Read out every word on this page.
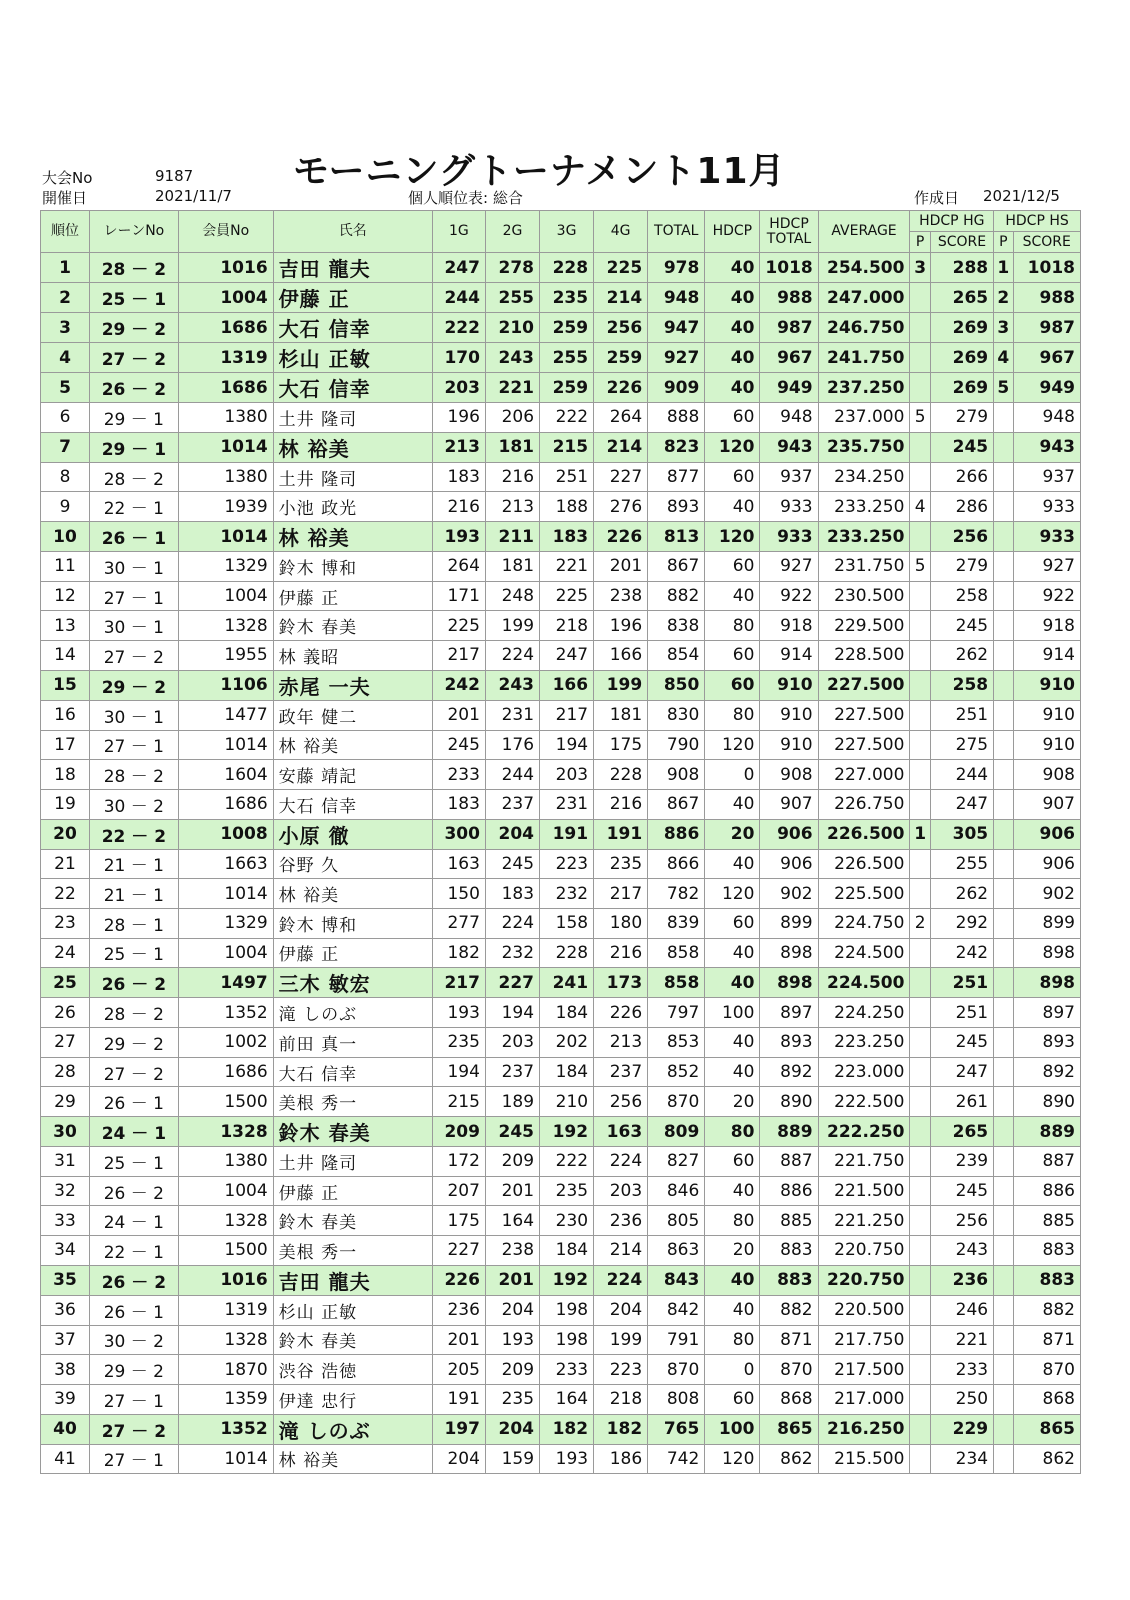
大会No	9187
開催日	2021/11/7
モーニングトーナメント11月
個人順位表: 総合	作成日 2021/12/5
順位	レーンNo	会員No	氏名	1G	2G	3G	4G	TOTAL	HDCP	HDCP
TOTAL	AVERAGE	HDCP HG		HDCP HS	
												P	SCORE	P	SCORE
1	28 － 2	1016	吉田 龍夫	247	278	228	225	978	40	1018	254.500	3	288	1	1018
2	25 － 1	1004	伊藤 正	244	255	235	214	948	40	988	247.000		265	2	988
3	29 － 2	1686	大石 信幸	222	210	259	256	947	40	987	246.750		269	3	987
4	27 － 2	1319	杉山 正敏	170	243	255	259	927	40	967	241.750		269	4	967
5	26 － 2	1686	大石 信幸	203	221	259	226	909	40	949	237.250		269	5	949
6	29 － 1	1380	土井 隆司	196	206	222	264	888	60	948	237.000	5	279		948
7	29 － 1	1014	林 裕美	213	181	215	214	823	120	943	235.750		245		943
8	28 － 2	1380	土井 隆司	183	216	251	227	877	60	937	234.250		266		937
9	22 － 1	1939	小池 政光	216	213	188	276	893	40	933	233.250	4	286		933
10	26 － 1	1014	林 裕美	193	211	183	226	813	120	933	233.250		256		933
11	30 － 1	1329	鈴木 博和	264	181	221	201	867	60	927	231.750	5	279		927
12	27 － 1	1004	伊藤 正	171	248	225	238	882	40	922	230.500		258		922
13	30 － 1	1328	鈴木 春美	225	199	218	196	838	80	918	229.500		245		918
14	27 － 2	1955	林 義昭	217	224	247	166	854	60	914	228.500		262		914
15	29 － 2	1106	赤尾 一夫	242	243	166	199	850	60	910	227.500		258		910
16	30 － 1	1477	政年 健二	201	231	217	181	830	80	910	227.500		251		910
17	27 － 1	1014	林 裕美	245	176	194	175	790	120	910	227.500		275		910
18	28 － 2	1604	安藤 靖記	233	244	203	228	908	0	908	227.000		244		908
19	30 － 2	1686	大石 信幸	183	237	231	216	867	40	907	226.750		247		907
20	22 － 2	1008	小原 徹	300	204	191	191	886	20	906	226.500	1	305		906
21	21 － 1	1663	谷野 久	163	245	223	235	866	40	906	226.500		255		906
22	21 － 1	1014	林 裕美	150	183	232	217	782	120	902	225.500		262		902
23	28 － 1	1329	鈴木 博和	277	224	158	180	839	60	899	224.750	2	292		899
24	25 － 1	1004	伊藤 正	182	232	228	216	858	40	898	224.500		242		898
25	26 － 2	1497	三木 敏宏	217	227	241	173	858	40	898	224.500		251		898
26	28 － 2	1352	滝 しのぶ	193	194	184	226	797	100	897	224.250		251		897
27	29 － 2	1002	前田 真一	235	203	202	213	853	40	893	223.250		245		893
28	27 － 2	1686	大石 信幸	194	237	184	237	852	40	892	223.000		247		892
29	26 － 1	1500	美根 秀一	215	189	210	256	870	20	890	222.500		261		890
30	24 － 1	1328	鈴木 春美	209	245	192	163	809	80	889	222.250		265		889
31	25 － 1	1380	土井 隆司	172	209	222	224	827	60	887	221.750		239		887
32	26 － 2	1004	伊藤 正	207	201	235	203	846	40	886	221.500		245		886
33	24 － 1	1328	鈴木 春美	175	164	230	236	805	80	885	221.250		256		885
34	22 － 1	1500	美根 秀一	227	238	184	214	863	20	883	220.750		243		883
35	26 － 2	1016	吉田 龍夫	226	201	192	224	843	40	883	220.750		236		883
36	26 － 1	1319	杉山 正敏	236	204	198	204	842	40	882	220.500		246		882
37	30 － 2	1328	鈴木 春美	201	193	198	199	791	80	871	217.750		221		871
38	29 － 2	1870	渋谷 浩徳	205	209	233	223	870	0	870	217.500		233		870
39	27 － 1	1359	伊達 忠行	191	235	164	218	808	60	868	217.000		250		868
40	27 － 2	1352	滝 しのぶ	197	204	182	182	765	100	865	216.250		229		865
41	27 － 1	1014	林 裕美	204	159	193	186	742	120	862	215.500		234		862
